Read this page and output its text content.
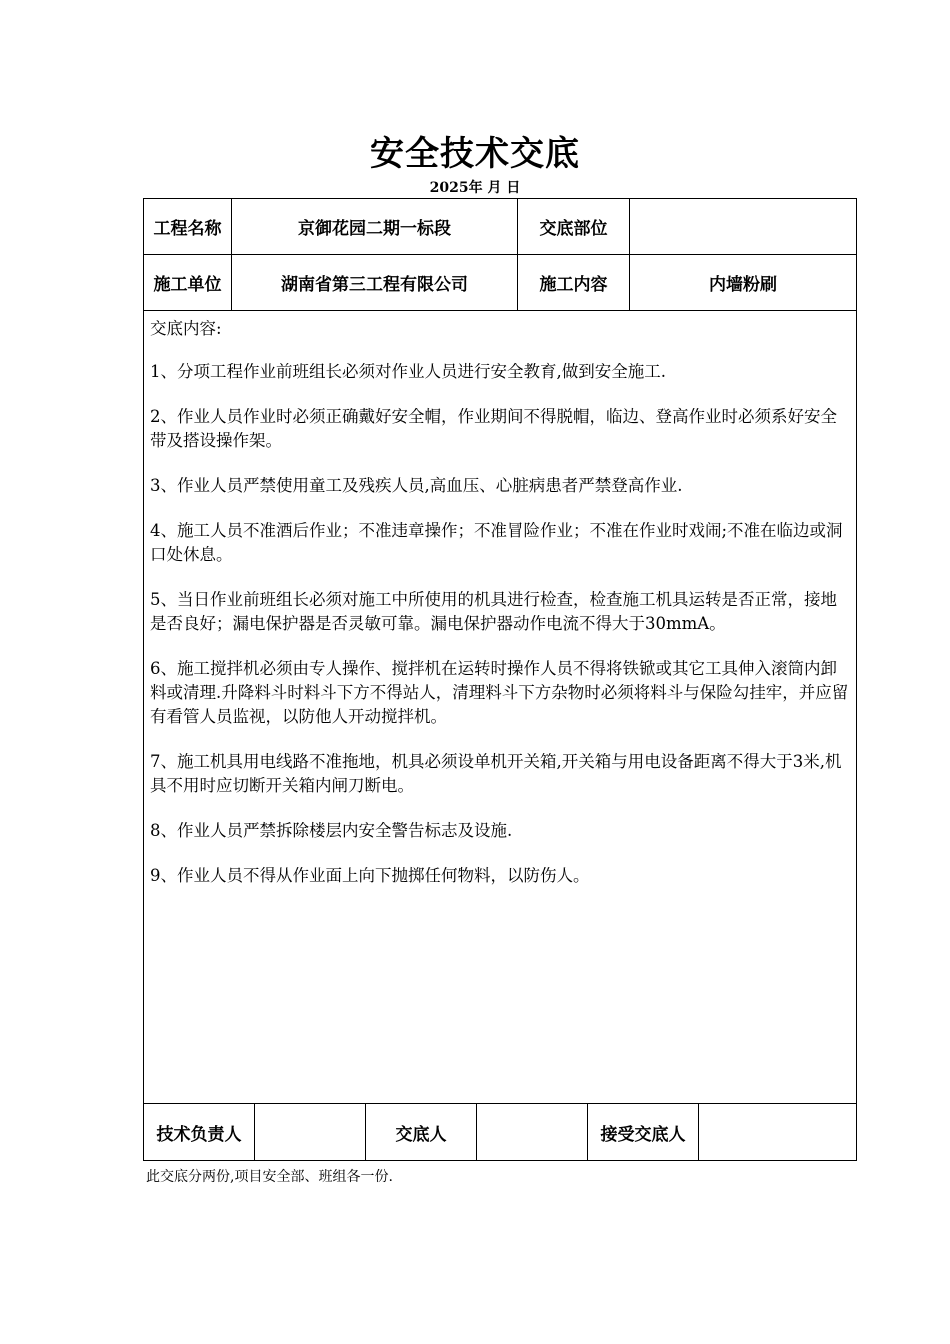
安全技术交底
2025年 月 日
工程名称	京御花园二期一标段	交底部位
施工单位	湖南省第三工程有限公司	施工内容	内墙粉刷

交底内容:

1、分项工程作业前班组长必须对作业人员进行安全教育,做到安全施工.

2、作业人员作业时必须正确戴好安全帽，作业期间不得脱帽，临边、登高作业时必须系好安全带及搭设操作架。

3、作业人员严禁使用童工及残疾人员,高血压、心脏病患者严禁登高作业.

4、施工人员不准酒后作业；不准违章操作；不准冒险作业；不准在作业时戏闹;不准在临边或洞口处休息。

5、当日作业前班组长必须对施工中所使用的机具进行检查，检查施工机具运转是否正常，接地是否良好；漏电保护器是否灵敏可靠。漏电保护器动作电流不得大于30mmA。

6、施工搅拌机必须由专人操作、搅拌机在运转时操作人员不得将铁锨或其它工具伸入滚筒内卸料或清理.升降料斗时料斗下方不得站人，清理料斗下方杂物时必须将料斗与保险勾挂牢，并应留有看管人员监视，以防他人开动搅拌机。

7、施工机具用电线路不准拖地，机具必须设单机开关箱,开关箱与用电设备距离不得大于3米,机具不用时应切断开关箱内闸刀断电。

8、作业人员严禁拆除楼层内安全警告标志及设施.

9、作业人员不得从作业面上向下抛掷任何物料，以防伤人。

技术负责人	交底人	接受交底人
此交底分两份,项目安全部、班组各一份.
